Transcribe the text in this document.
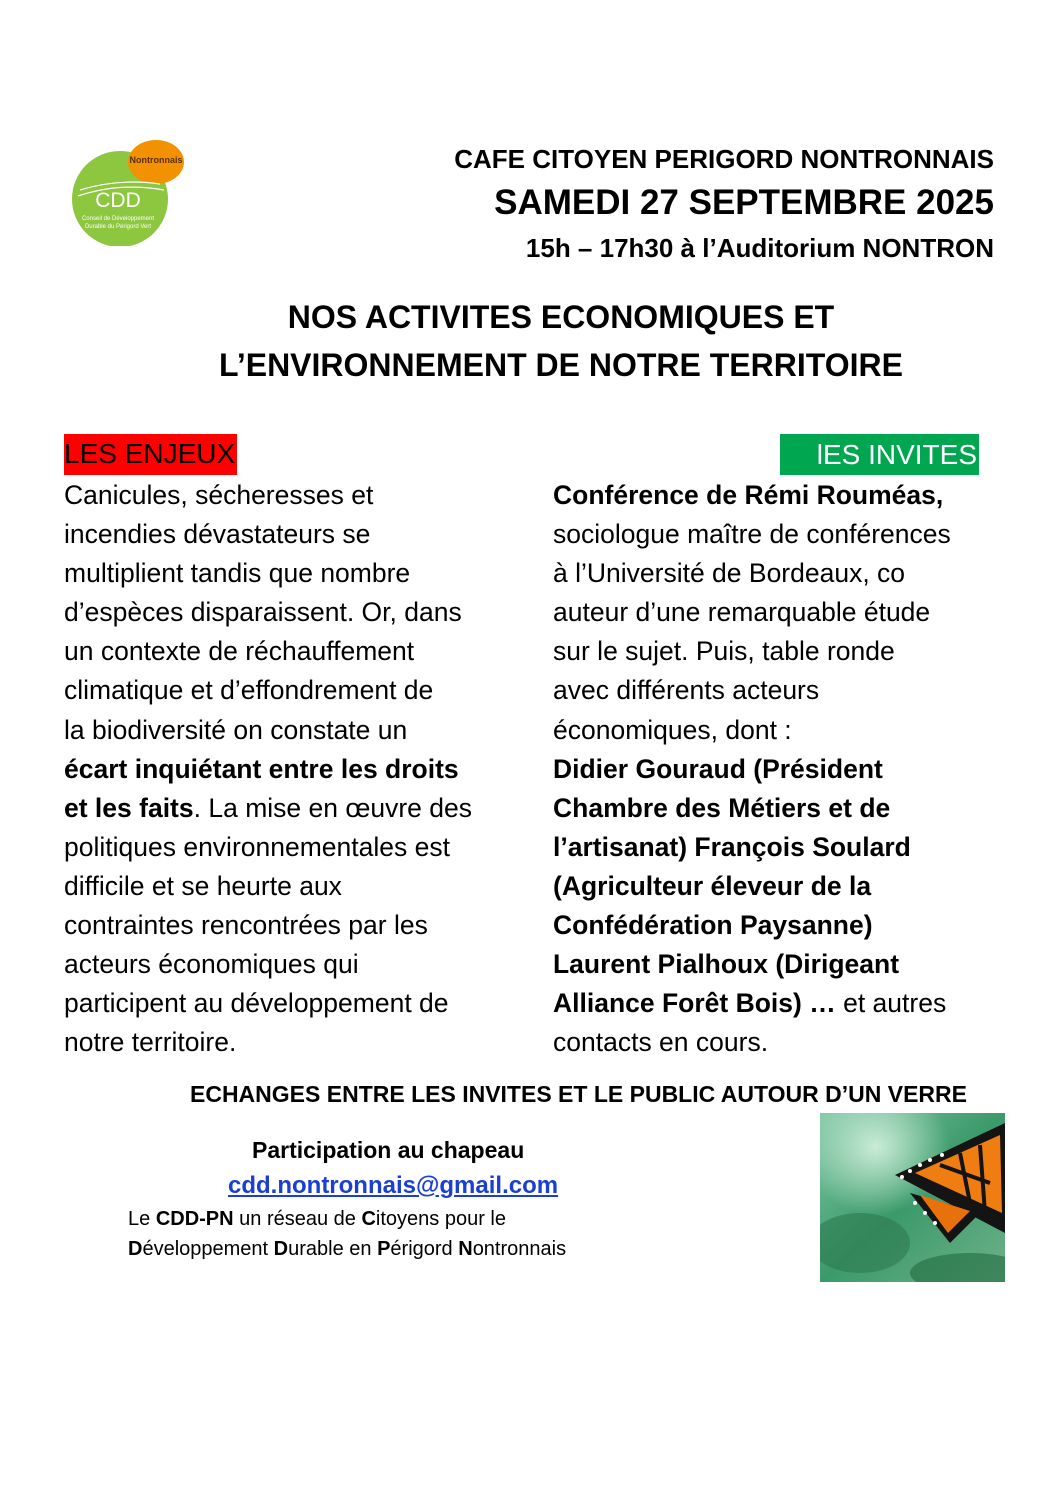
Nontronnais
CDD
Conseil de Développement
Durable du Périgord Vert
CAFE CITOYEN PERIGORD NONTRONNAIS
SAMEDI 27 SEPTEMBRE 2025
15h – 17h30 à l’Auditorium NONTRON
NOS ACTIVITES ECONOMIQUES ET
L’ENVIRONNEMENT DE NOTRE TERRITOIRE
LES ENJEUX	lES INVITES
Canicules, sécheresses et
incendies dévastateurs se
multiplient tandis que nombre
d’espèces disparaissent. Or, dans
un contexte de réchauffement
climatique et d’effondrement de
la biodiversité on constate un
écart inquiétant entre les droits
et les faits. La mise en œuvre des
politiques environnementales est
difficile et se heurte aux
contraintes rencontrées par les
acteurs économiques qui
participent au développement de
notre territoire.
Conférence de Rémi Rouméas,
sociologue maître de conférences
à l’Université de Bordeaux, co
auteur d’une remarquable étude
sur le sujet. Puis, table ronde
avec différents acteurs
économiques, dont :
Didier Gouraud (Président
Chambre des Métiers et de
l’artisanat) François Soulard
(Agriculteur éleveur de la
Confédération Paysanne)
Laurent Pialhoux (Dirigeant
Alliance Forêt Bois) … et autres
contacts en cours.
ECHANGES ENTRE LES INVITES ET LE PUBLIC AUTOUR D’UN VERRE
Participation au chapeau
cdd.nontronnais@gmail.com
Le CDD-PN un réseau de Citoyens pour le
Développement Durable en Périgord Nontronnais
